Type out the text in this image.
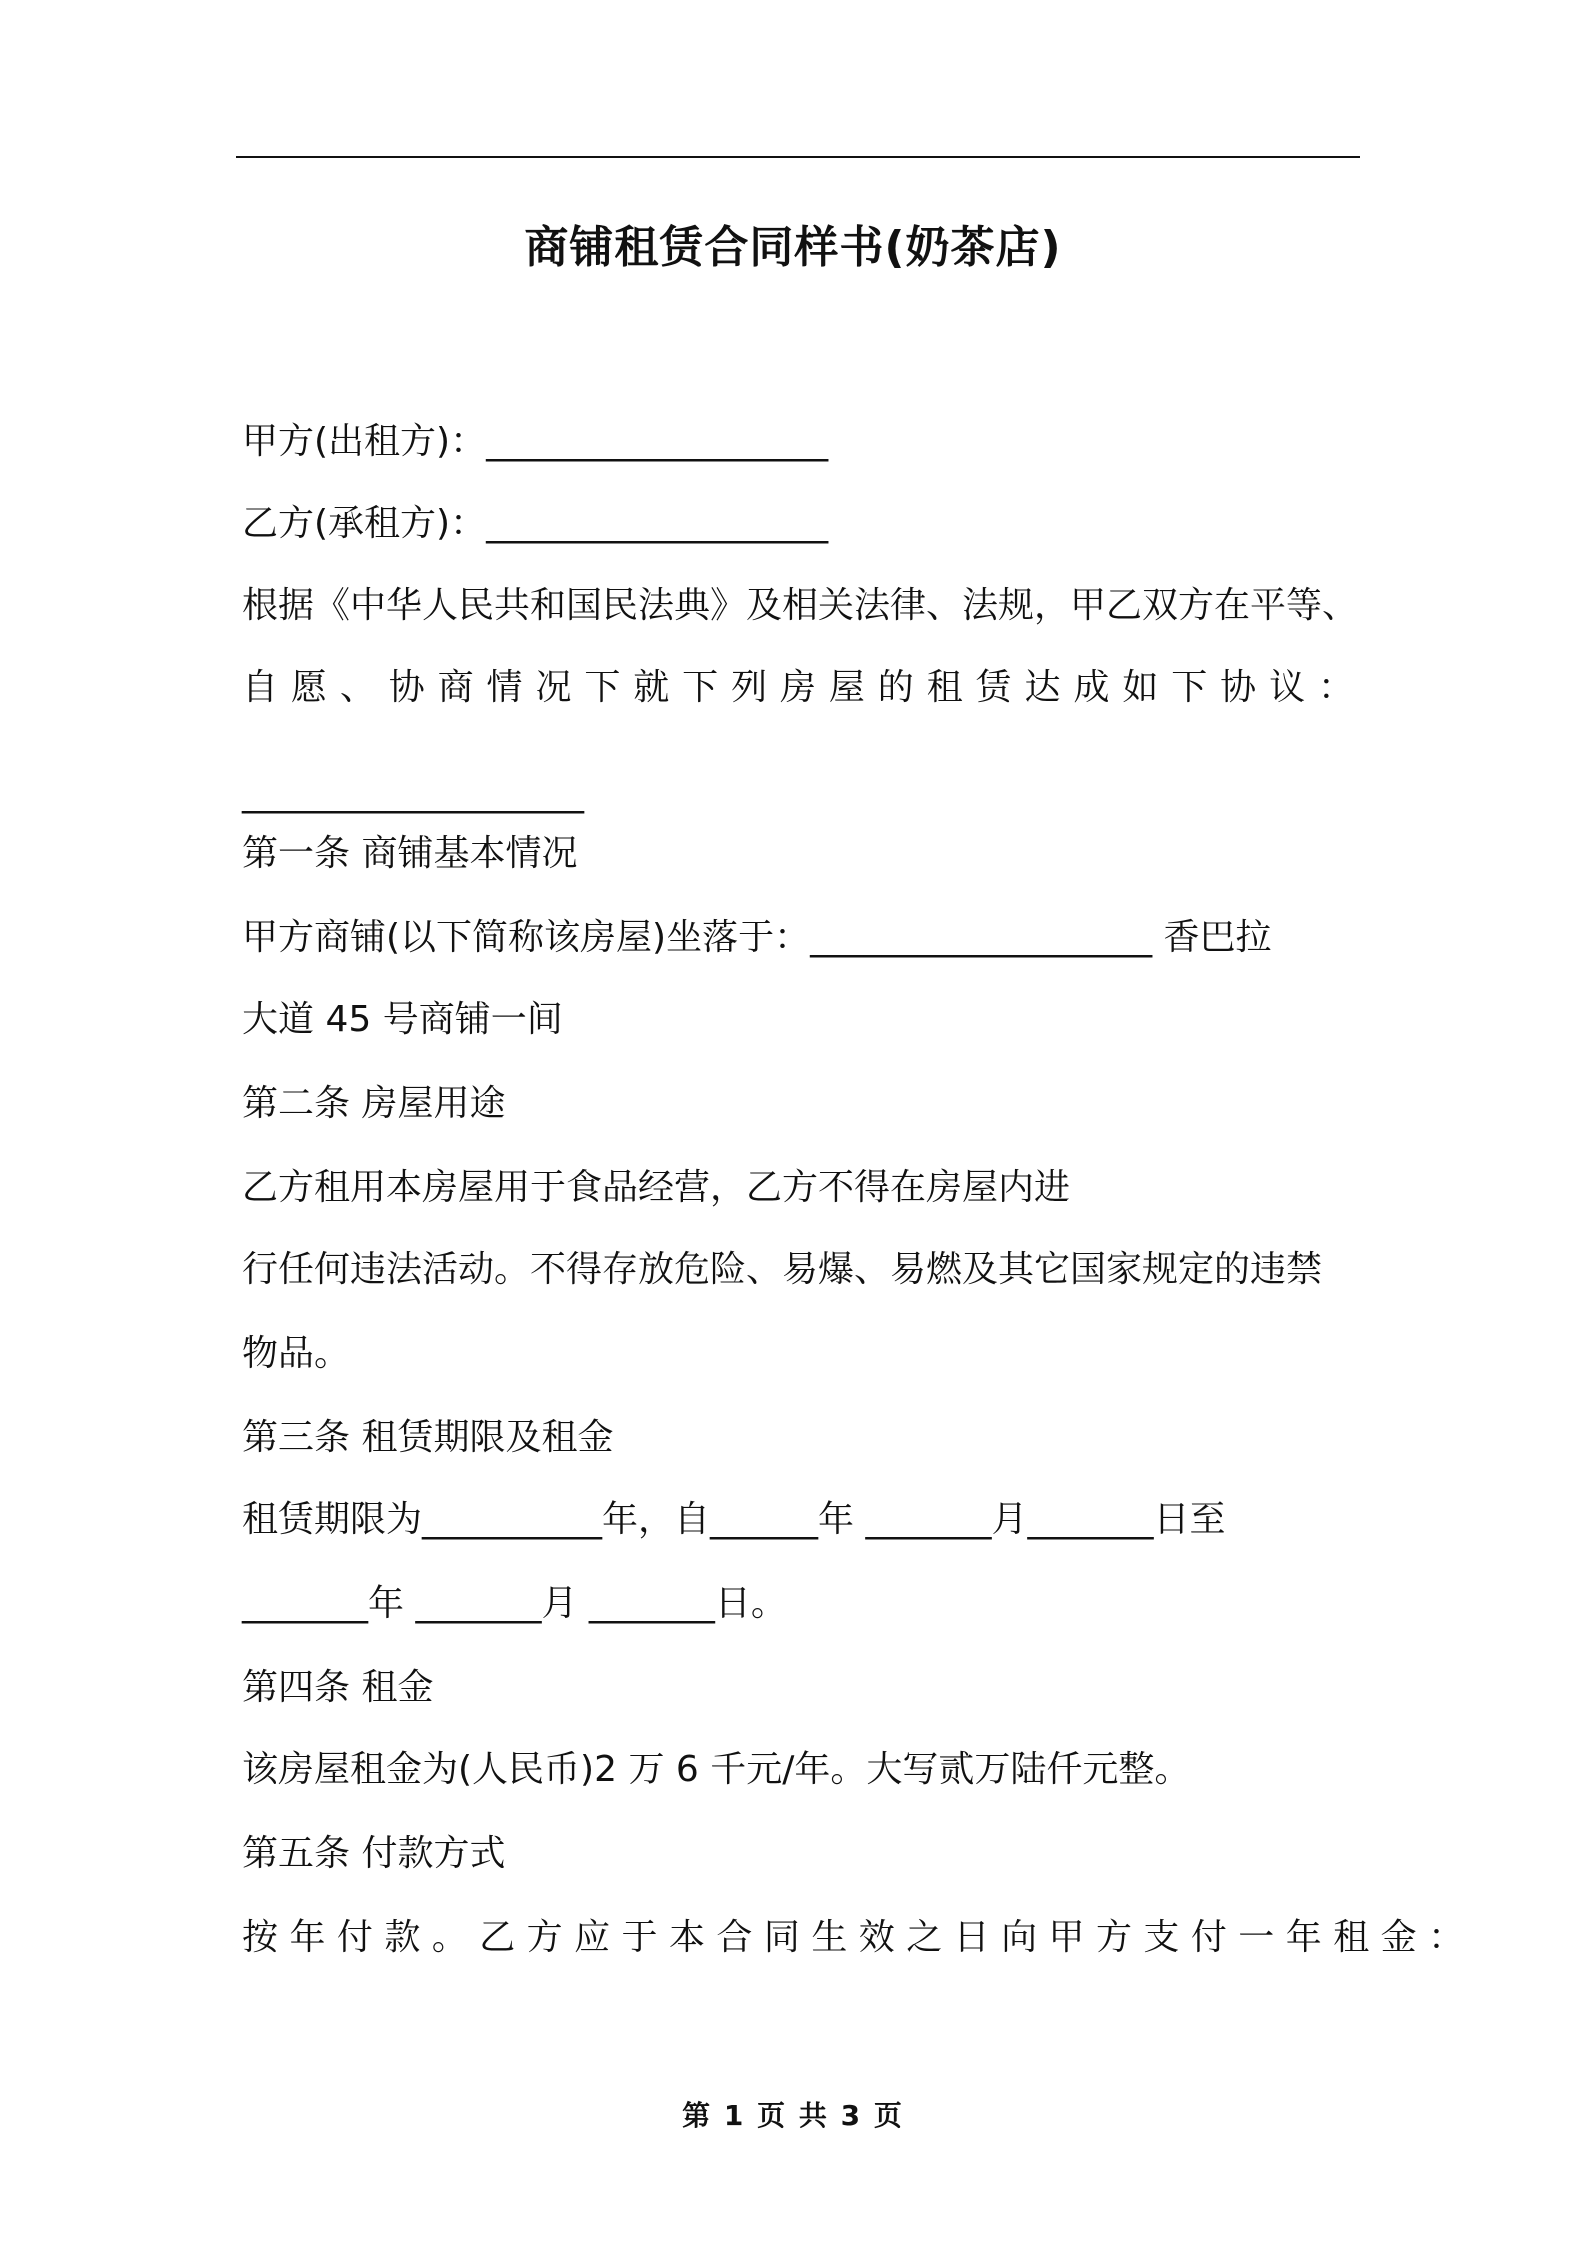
商铺租赁合同样书(奶茶店)
甲方(出租方)：___________________
乙方(承租方)：___________________
根据《中华人民共和国民法典》及相关法律、法规，甲乙双方在平等、
自 愿 、 协 商 情 况 下 就 下 列 房 屋 的 租 赁 达 成 如 下 协 议 ：
___________________
第一条 商铺基本情况
甲方商铺(以下简称该房屋)坐落于：___________________ 香巴拉
大道 45 号商铺一间
第二条 房屋用途
乙方租用本房屋用于食品经营，乙方不得在房屋内进
行任何违法活动。不得存放危险、易爆、易燃及其它国家规定的违禁
物品。
第三条 租赁期限及租金
租赁期限为__________年，自______年 _______月_______日至
_______年 _______月 _______日。
第四条 租金
该房屋租金为(人民币)2 万 6 千元/年。大写贰万陆仟元整。
第五条 付款方式
按 年 付 款 。 乙 方 应 于 本 合 同 生 效 之 日 向 甲 方 支 付 一 年 租 金 ：
第 1 页 共 3 页
